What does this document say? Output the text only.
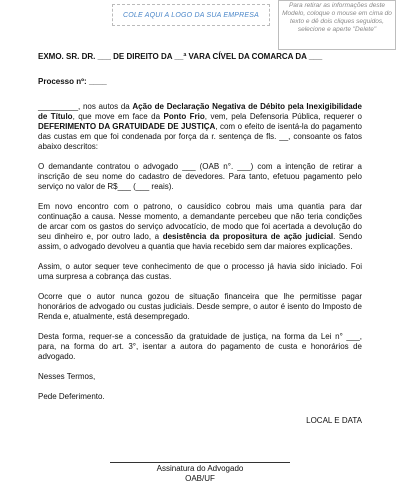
COLE AQUI A LOGO DA SUA EMPRESA
Para retirar as informações deste Modelo, coloque o mouse em cima do texto e dê dois cliques seguidos, selecione e aperte "Delete"
EXMO. SR. DR. ___ DE DIREITO DA __ª VARA CÍVEL DA COMARCA DA ___
Processo nº: ____

_________, nos autos da Ação de Declaração Negativa de Débito pela Inexigibilidade de Título, que move em face da Ponto Frio, vem, pela Defensoria Pública, requerer o DEFERIMENTO DA GRATUIDADE DE JUSTIÇA, com o efeito de isentá-la do pagamento das custas em que foi condenada por força da r. sentença de fls. __, consoante os fatos abaixo descritos:

O demandante contratou o advogado ___ (OAB n°. ___) com a intenção de retirar a inscrição de seu nome do cadastro de devedores. Para tanto, efetuou pagamento pelo serviço no valor de R$___ (___ reais).

Em novo encontro com o patrono, o causídico cobrou mais uma quantia para dar continuação a causa. Nesse momento, a demandante percebeu que não teria condições de arcar com os gastos do serviço advocatício, de modo que foi acertada a devolução do seu dinheiro e, por outro lado, a desistência da propositura de ação judicial. Sendo assim, o advogado devolveu a quantia que havia recebido sem dar maiores explicações.

Assim, o autor sequer teve conhecimento de que o processo já havia sido iniciado. Foi uma surpresa a cobrança das custas.

Ocorre que o autor nunca gozou de situação financeira que lhe permitisse pagar honorários de advogado ou custas judiciais. Desde sempre, o autor é isento do Imposto de Renda e, atualmente, está desempregado.

Desta forma, requer-se a concessão da gratuidade de justiça, na forma da Lei n° ___, para, na forma do art. 3°, isentar a autora do pagamento de custa e honorários de advogado.

Nesses Termos,

Pede Deferimento.

LOCAL E DATA
Assinatura do Advogado
OAB/UF
